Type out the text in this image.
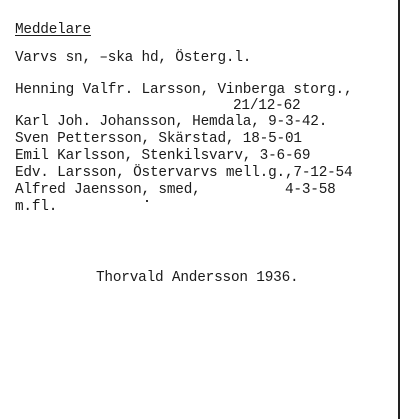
Meddelare
Varvs sn, –ska hd, Österg.l.
Henning Valfr. Larsson, Vinberga storg.,
21/12-62
Karl Joh. Johansson, Hemdala, 9-3-42.
Sven Pettersson, Skärstad, 18-5-01
Emil Karlsson, Stenkilsvarv, 3-6-69
Edv. Larsson, Östervarvs mell.g.,7-12-54
Alfred Jaensson, smed,          4-3-58
m.fl.
Thorvald Andersson 1936.
